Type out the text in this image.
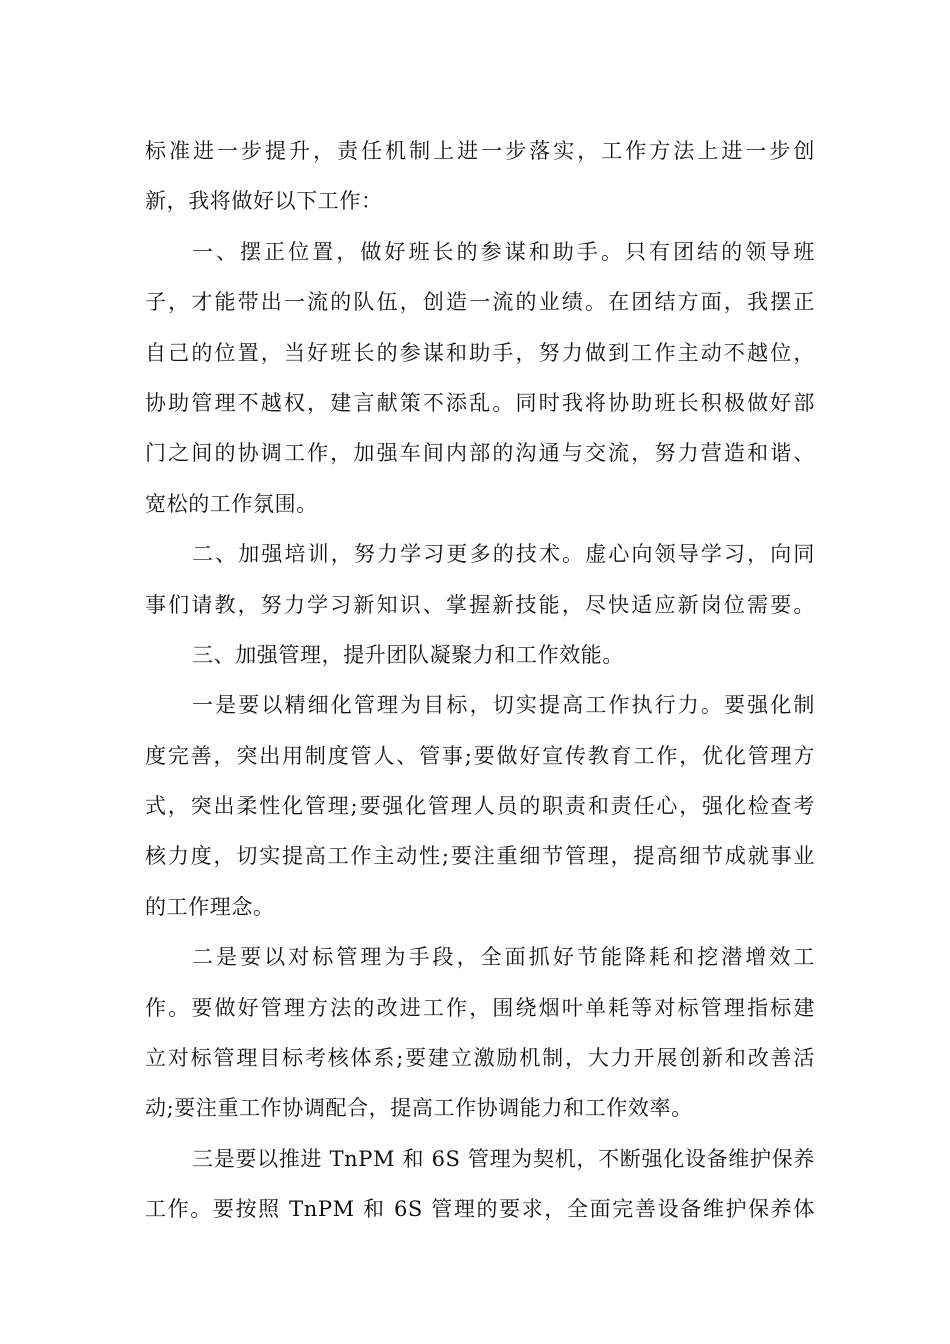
标准进一步提升，责任机制上进一步落实，工作方法上进一步创
新，我将做好以下工作：
一、摆正位置，做好班长的参谋和助手。只有团结的领导班
子，才能带出一流的队伍，创造一流的业绩。在团结方面，我摆正
自己的位置，当好班长的参谋和助手，努力做到工作主动不越位，
协助管理不越权，建言献策不添乱。同时我将协助班长积极做好部
门之间的协调工作，加强车间内部的沟通与交流，努力营造和谐、
宽松的工作氛围。
二、加强培训，努力学习更多的技术。虚心向领导学习，向同
事们请教，努力学习新知识、掌握新技能，尽快适应新岗位需要。
三、加强管理，提升团队凝聚力和工作效能。
一是要以精细化管理为目标，切实提高工作执行力。要强化制
度完善，突出用制度管人、管事;要做好宣传教育工作，优化管理方
式，突出柔性化管理;要强化管理人员的职责和责任心，强化检查考
核力度，切实提高工作主动性;要注重细节管理，提高细节成就事业
的工作理念。
二是要以对标管理为手段，全面抓好节能降耗和挖潜增效工
作。要做好管理方法的改进工作，围绕烟叶单耗等对标管理指标建
立对标管理目标考核体系;要建立激励机制，大力开展创新和改善活
动;要注重工作协调配合，提高工作协调能力和工作效率。
三是要以推进 TnPM 和 6S 管理为契机，不断强化设备维护保养
工作。要按照 TnPM 和 6S 管理的要求，全面完善设备维护保养体
